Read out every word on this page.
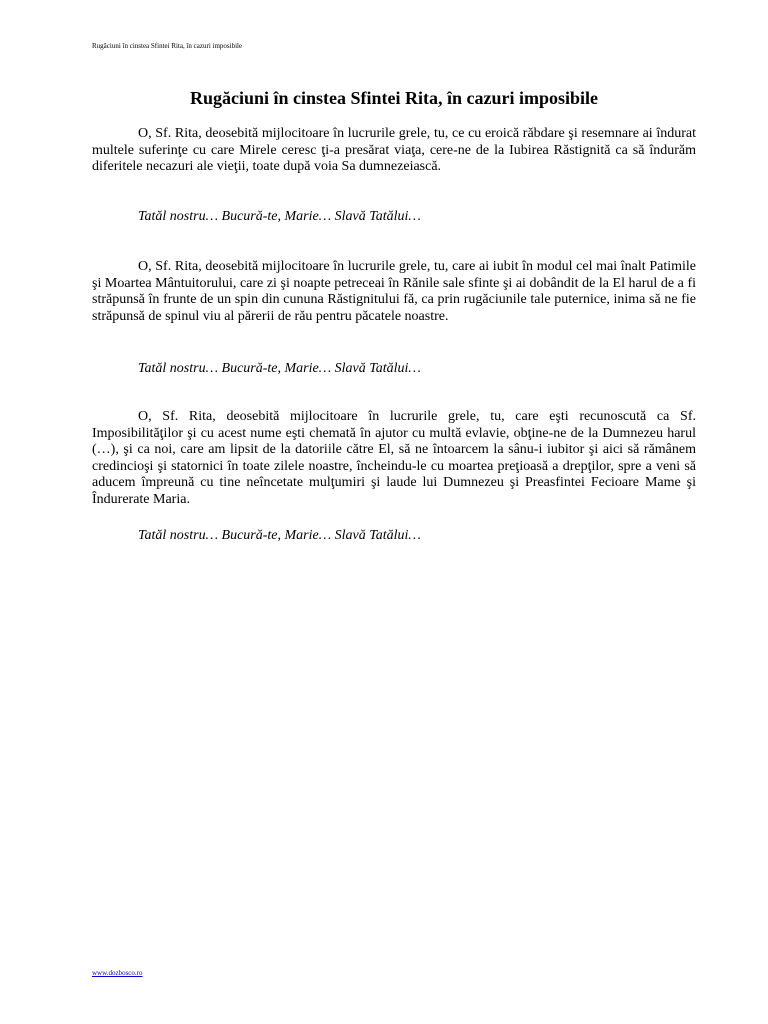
Rugăciuni în cinstea Sfintei Rita, în cazuri imposibile
Rugăciuni în cinstea Sfintei Rita, în cazuri imposibile

O, Sf. Rita, deosebită mijlocitoare în lucrurile grele, tu, ce cu eroică răbdare şi resemnare ai îndurat multele suferinţe cu care Mirele ceresc ţi-a presărat viaţa, cere-ne de la Iubirea Răstignită ca să îndurăm diferitele necazuri ale vieţii, toate după voia Sa dumnezeiască.

Tatăl nostru… Bucură-te, Marie… Slavă Tatălui…

O, Sf. Rita, deosebită mijlocitoare în lucrurile grele, tu, care ai iubit în modul cel mai înalt Patimile şi Moartea Mântuitorului, care zi şi noapte petreceai în Rănile sale sfinte şi ai dobândit de la El harul de a fi străpunsă în frunte de un spin din cununa Răstignitului fă, ca prin rugăciunile tale puternice, inima să ne fie străpunsă de spinul viu al părerii de rău pentru păcatele noastre.

Tatăl nostru… Bucură-te, Marie… Slavă Tatălui…

O, Sf. Rita, deosebită mijlocitoare în lucrurile grele, tu, care eşti recunoscută ca Sf. Imposibilităţilor şi cu acest nume eşti chemată în ajutor cu multă evlavie, obţine-ne de la Dumnezeu harul (…), şi ca noi, care am lipsit de la datoriile către El, să ne întoarcem la sânu-i iubitor şi aici să rămânem credincioşi şi statornici în toate zilele noastre, încheindu-le cu moartea preţioasă a drepţilor, spre a veni să aducem împreună cu tine neîncetate mulţumiri şi laude lui Dumnezeu şi Preasfintei Fecioare Mame şi Îndurerate Maria.

Tatăl nostru… Bucură-te, Marie… Slavă Tatălui…

www.dozbosco.ro
